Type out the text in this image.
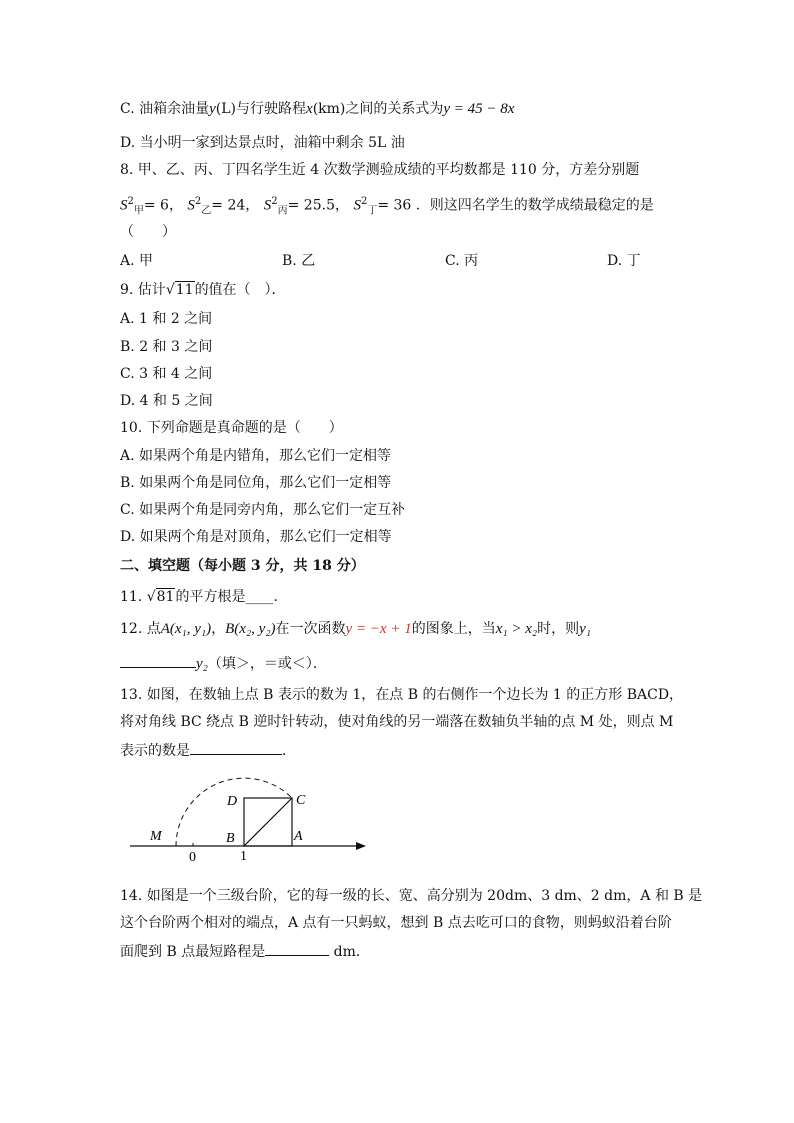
C. 油箱余油量y(L)与行驶路程x(km)之间的关系式为y = 45 − 8x
D. 当小明一家到达景点时，油箱中剩余 5L 油
8. 甲、乙、丙、丁四名学生近 4 次数学测验成绩的平均数都是 110 分，方差分别题
$S^2_甲= 6$， $S^2_乙= 24$， $S^2_丙= 25.5$， $S^2_丁= 36$ ．则这四名学生的数学成绩最稳定的是
（　　）
A. 甲	B. 乙	C. 丙	D. 丁
9. 估计√11的值在（　）．
A. 1 和 2 之间
B. 2 和 3 之间
C. 3 和 4 之间
D. 4 和 5 之间
10. 下列命题是真命题的是（　　）
A. 如果两个角是内错角，那么它们一定相等
B. 如果两个角是同位角，那么它们一定相等
C. 如果两个角是同旁内角，那么它们一定互补
D. 如果两个角是对顶角，那么它们一定相等
二、填空题（每小题 3 分，共 18 分）
11. √81的平方根是____．
12. 点A(x₁, y₁)，B(x₂, y₂)在一次函数y = −x + 1的图象上，当x₁ > x₂时，则y₁
y₂（填＞，＝或＜）．
13. 如图，在数轴上点 B 表示的数为 1，在点 B 的右侧作一个边长为 1 的正方形 BACD，
将对角线 BC 绕点 B 逆时针转动，使对角线的另一端落在数轴负半轴的点 M 处，则点 M
表示的数是	．
D	C
M	B	A
0	1
14. 如图是一个三级台阶，它的每一级的长、宽、高分别为 20dm、3 dm、2 dm，A 和 B 是
这个台阶两个相对的端点，A 点有一只蚂蚁，想到 B 点去吃可口的食物，则蚂蚁沿着台阶
面爬到 B 点最短路程是	dm．
